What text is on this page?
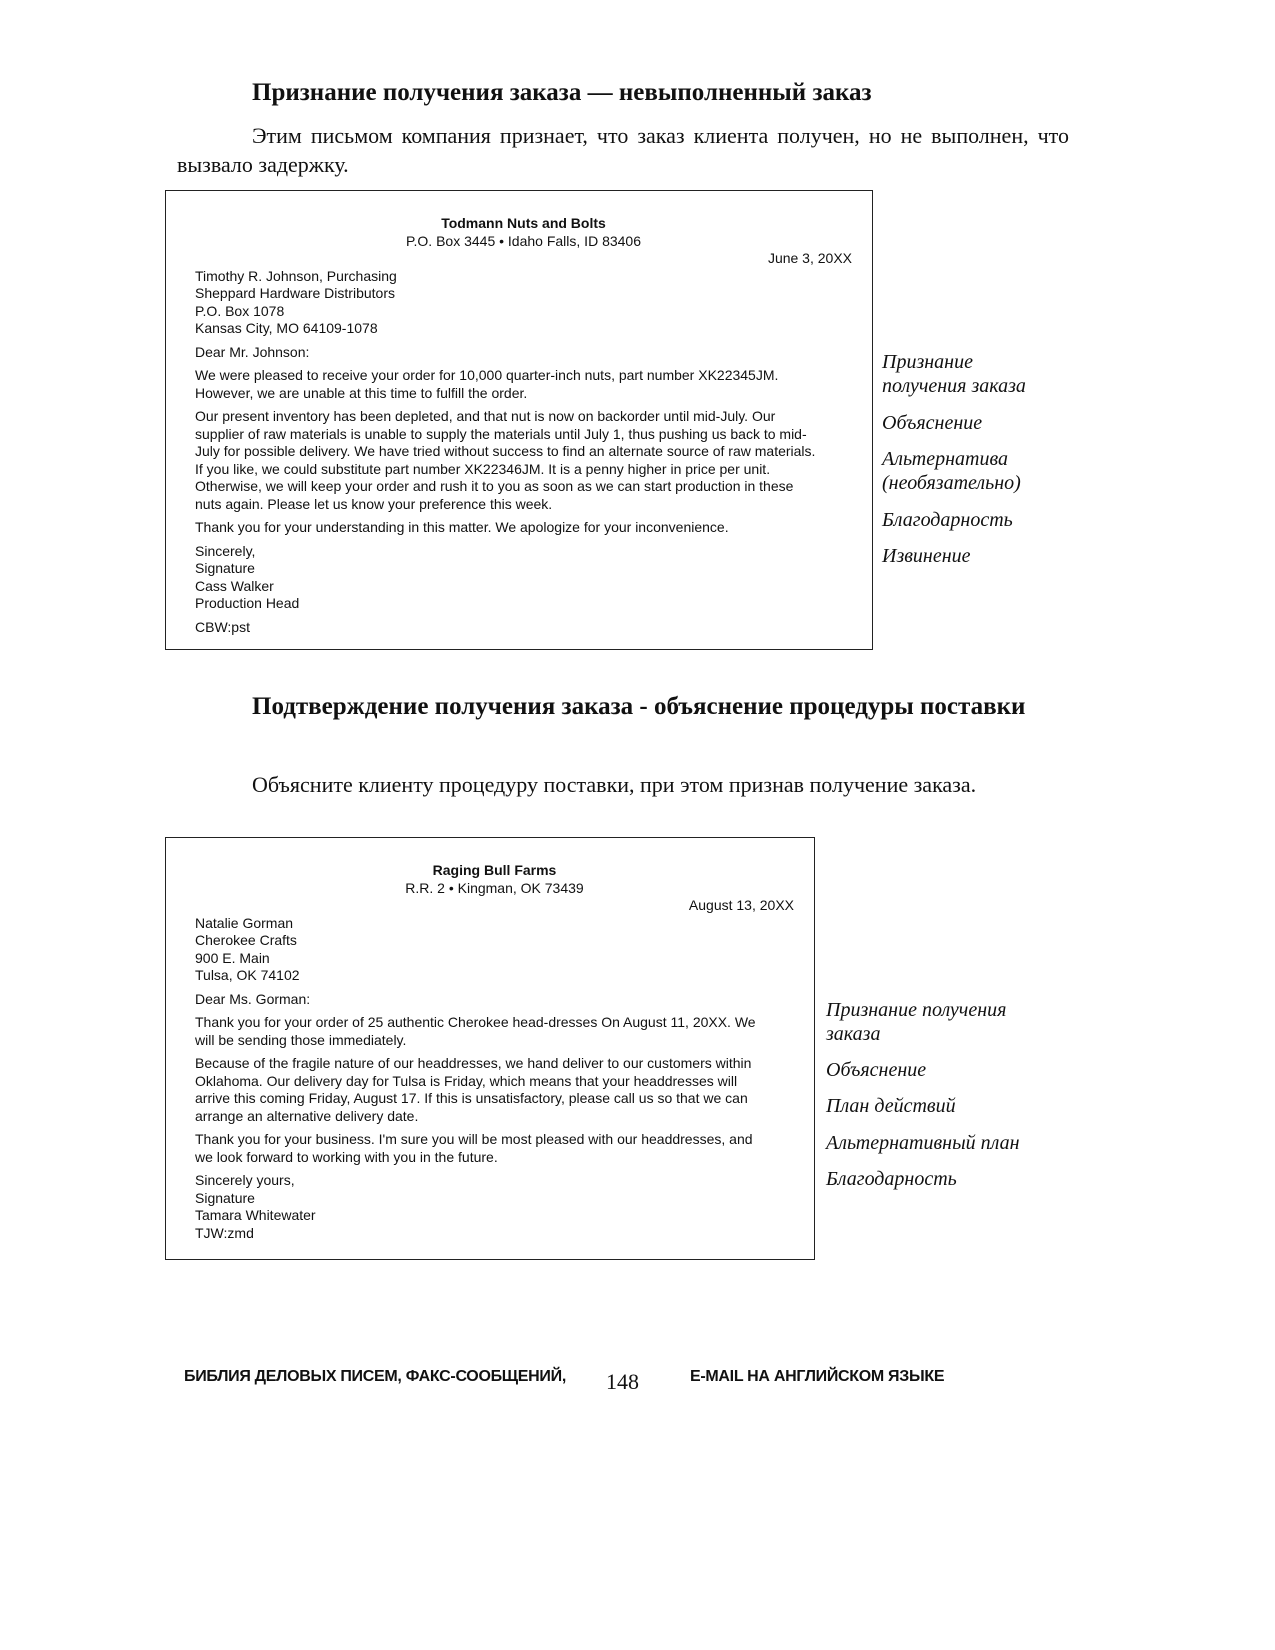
Признание получения заказа — невыполненный заказ
Этим письмом компания признает, что заказ клиента получен, но не выполнен, что вызвало задержку.
Todmann Nuts and Bolts
P.O. Box 3445 • Idaho Falls, ID 83406
June 3, 20XX
Timothy R. Johnson, Purchasing
Sheppard Hardware Distributors
P.O. Box 1078
Kansas City, MO 64109-1078
Dear Mr. Johnson:
We were pleased to receive your order for 10,000 quarter-inch nuts, part number XK22345JM.
However, we are unable at this time to fulfill the order.
Our present inventory has been depleted, and that nut is now on backorder until mid-July. Our
supplier of raw materials is unable to supply the materials until July 1, thus pushing us back to mid-
July for possible delivery. We have tried without success to find an alternate source of raw materials.
If you like, we could substitute part number XK22346JM. It is a penny higher in price per unit.
Otherwise, we will keep your order and rush it to you as soon as we can start production in these
nuts again. Please let us know your preference this week.
Thank you for your understanding in this matter. We apologize for your inconvenience.
Sincerely,
Signature
Cass Walker
Production Head
CBW:pst
Признание получения заказа
Объяснение
Альтернатива (необязательно)
Благодарность
Извинение
Подтверждение получения заказа - объяснение процедуры поставки
Объясните клиенту процедуру поставки, при этом признав получение заказа.
Raging Bull Farms
R.R. 2 • Kingman, OK 73439
August 13, 20XX
Natalie Gorman
Cherokee Crafts
900 E. Main
Tulsa, OK 74102
Dear Ms. Gorman:
Thank you for your order of 25 authentic Cherokee head-dresses On August 11, 20XX. We
will be sending those immediately.
Because of the fragile nature of our headdresses, we hand deliver to our customers within
Oklahoma. Our delivery day for Tulsa is Friday, which means that your headdresses will
arrive this coming Friday, August 17. If this is unsatisfactory, please call us so that we can
arrange an alternative delivery date.
Thank you for your business. I'm sure you will be most pleased with our headdresses, and
we look forward to working with you in the future.
Sincerely yours,
Signature
Tamara Whitewater
TJW:zmd
Признание получения заказа
Объяснение
План действий
Альтернативный план
Благодарность
БИБЛИЯ ДЕЛОВЫХ ПИСЕМ, ФАКС-СООБЩЕНИЙ, 148	E-MAIL НА АНГЛИЙСКОМ ЯЗЫКЕ
